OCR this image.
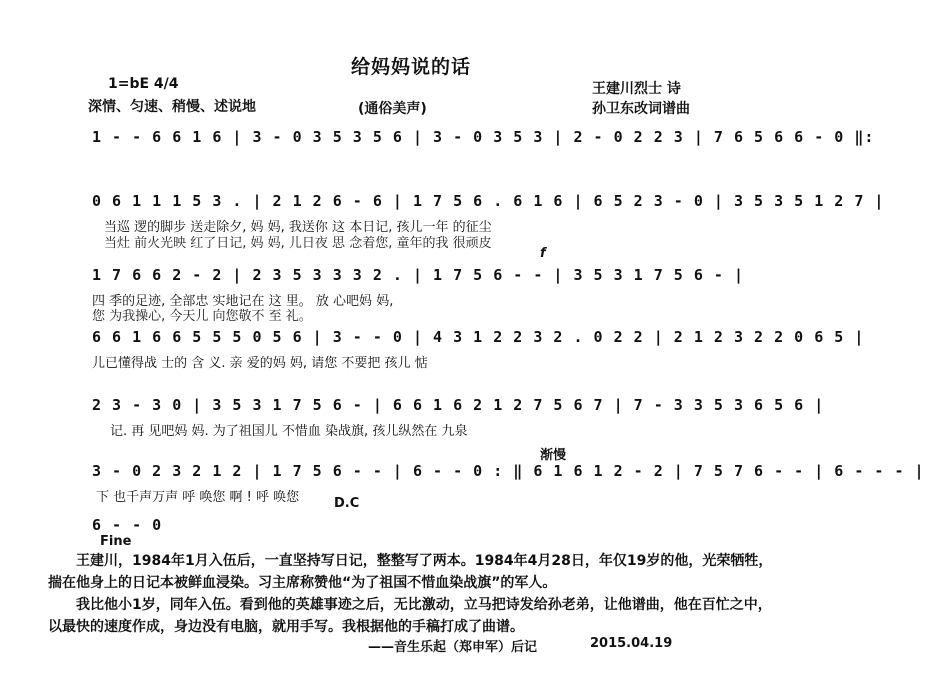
给妈妈说的话
1=bE 4/4
深情、匀速、稍慢、述说地	(通俗美声)
王建川烈士 诗
孙卫东改词谱曲
1 - - 6 6 1 6 | 3 - 0 3 5 3 5 6 | 3 - 0 3 5 3 | 2 - 0 2 2 3 | 7 6 5 6 6 - 0 ‖:
0 6 1 1 1 5 3 . | 2 1 2 6 - 6 | 1 7 5 6 . 6 1 6 | 6 5 2 3 - 0 | 3 5 3 5 1 2 7 |
当巡 逻的脚步 送走除夕, 妈 妈, 我送你 这 本日记, 孩儿一年 的征尘
当灶 前火光映 红了日记, 妈 妈, 儿日夜 思 念着您, 童年的我 很顽皮
f
1 7 6 6 2 - 2 | 2 3 5 3 3 3 2 . | 1 7 5 6 - - | 3 5 3 1 7 5 6 - |
四 季的足迹, 全部忠 实地记在 这 里。 放 心吧妈 妈,
您 为我操心, 今天儿 向您敬不 至 礼。
6 6 1 6 6 5 5 5 0 5 6 | 3 - - 0 | 4 3 1 2 2 3 2 . 0 2 2 | 2 1 2 3 2 2 0 6 5 |
儿已懂得战 士的 含 义. 亲 爱的妈 妈, 请您 不要把 孩儿 惦
2 3 - 3 0 | 3 5 3 1 7 5 6 - | 6 6 1 6 2 1 2 7 5 6 7 | 7 - 3 3 5 3 6 5 6 |
记. 再 见吧妈 妈. 为了祖国儿 不惜血 染战旗, 孩儿纵然在 九泉
渐慢
3 - 0 2 3 2 1 2 | 1 7 5 6 - - | 6 - - 0 : ‖ 6 1 6 1 2 - 2 | 7 5 7 6 - - | 6 - - - |
下 也千声万声 呼 唤您 啊 ! 呼 唤您	D.C
6 - - 0
Fine

王建川，1984年1月入伍后，一直坚持写日记，整整写了两本。1984年4月28日，年仅19岁的他，光荣牺牲，揣在他身上的日记本被鲜血浸染。习主席称赞他“为了祖国不惜血染战旗”的军人。

我比他小1岁，同年入伍。看到他的英雄事迹之后，无比激动，立马把诗发给孙老弟，让他谱曲，他在百忙之中，以最快的速度作成，身边没有电脑，就用手写。我根据他的手稿打成了曲谱。

——音生乐起（郑申军）后记	2015.04.19
